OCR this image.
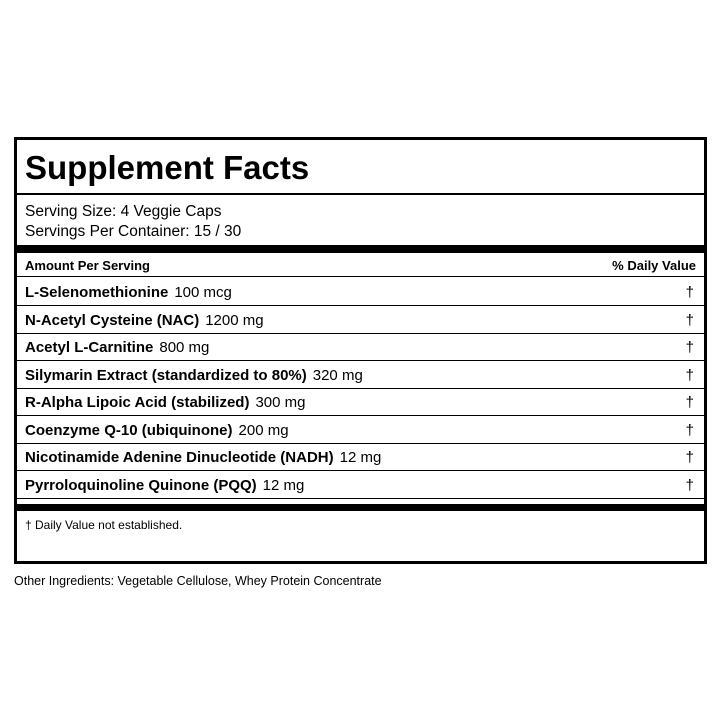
Supplement Facts
Serving Size: 4 Veggie Caps
Servings Per Container: 15 / 30
Amount Per Serving	% Daily Value
L-Selenomethionine 100 mcg	†
N-Acetyl Cysteine (NAC) 1200 mg	†
Acetyl L-Carnitine 800 mg	†
Silymarin Extract (standardized to 80%) 320 mg	†
R-Alpha Lipoic Acid (stabilized) 300 mg	†
Coenzyme Q-10 (ubiquinone) 200 mg	†
Nicotinamide Adenine Dinucleotide (NADH) 12 mg	†
Pyrroloquinoline Quinone (PQQ) 12 mg	†
† Daily Value not established.
Other Ingredients: Vegetable Cellulose, Whey Protein Concentrate
